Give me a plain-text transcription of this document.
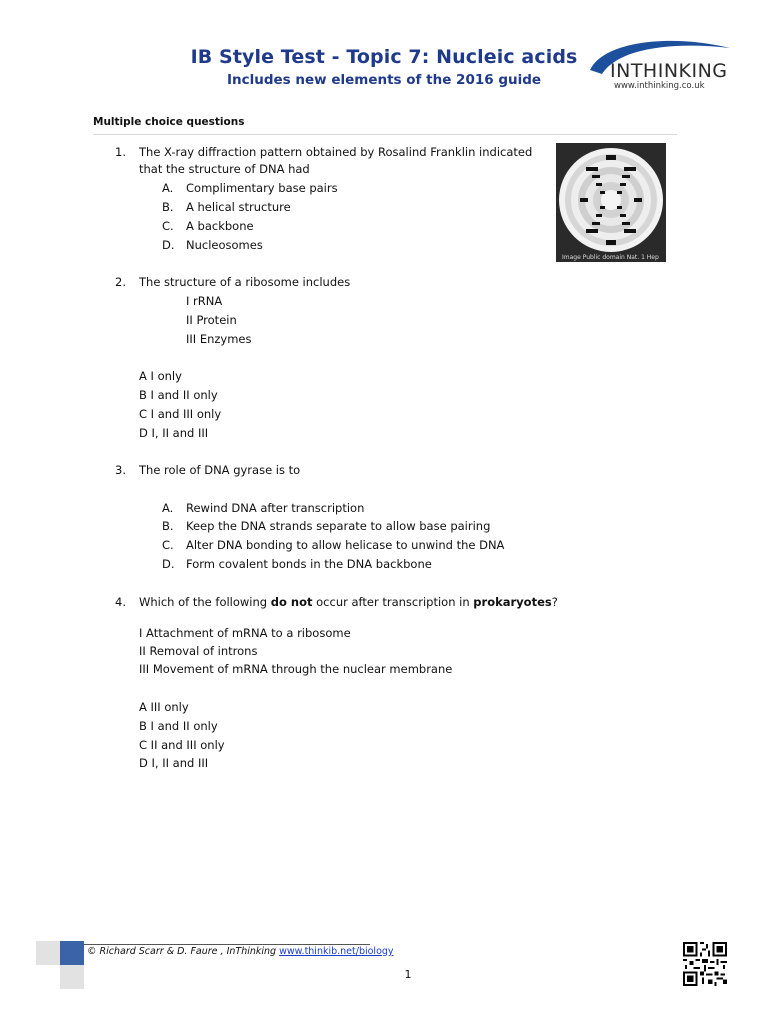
IB Style Test - Topic 7: Nucleic acids
Includes new elements of the 2016 guide	INTHINKING
www.inthinking.co.uk
Multiple choice questions
1. The X-ray diffraction pattern obtained by Rosalind Franklin indicated
that the structure of DNA had
A. Complimentary base pairs
B. A helical structure
C. A backbone
D. Nucleosomes
Image Public domain Nat. 1 Hep
2. The structure of a ribosome includes
I rRNA
II Protein
III Enzymes
A I only
B I and II only
C I and III only
D I, II and III
3. The role of DNA gyrase is to
A. Rewind DNA after transcription
B. Keep the DNA strands separate to allow base pairing
C. Alter DNA bonding to allow helicase to unwind the DNA
D. Form covalent bonds in the DNA backbone
4. Which of the following do not occur after transcription in prokaryotes?
I Attachment of mRNA to a ribosome
II Removal of introns
III Movement of mRNA through the nuclear membrane
A III only
B I and II only
C II and III only
D I, II and III
© Richard Scarr & D. Faure , InThinking www.thinkib.net/biology
1
